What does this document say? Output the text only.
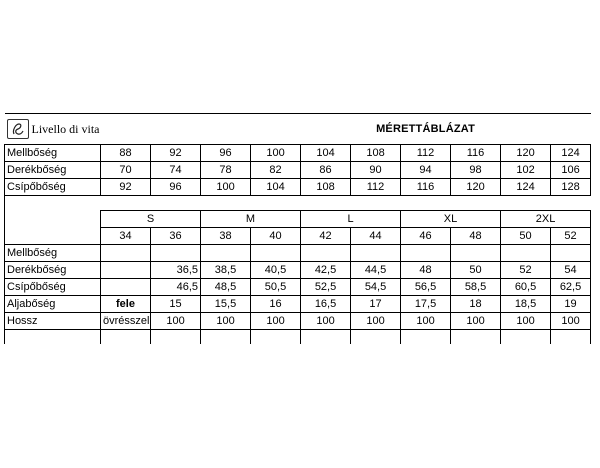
Livello di vita						MÉRETTÁBLÁZAT				
Mellbőség	88	92	96	100	104	108	112	116	120	124
Derékbőség	70	74	78	82	86	90	94	98	102	106
Csípőbőség	92	96	100	104	108	112	116	120	124	128

	S		M		L		XL		2XL	
	34	36	38	40	42	44	46	48	50	52
Mellbőség										
Derékbőség		36,5	38,5	40,5	42,5	44,5	48	50	52	54
Csípőbőség		46,5	48,5	50,5	52,5	54,5	56,5	58,5	60,5	62,5
Aljabőség	fele	15	15,5	16	16,5	17	17,5	18	18,5	19
Hossz	övrésszel	100	100	100	100	100	100	100	100	100
